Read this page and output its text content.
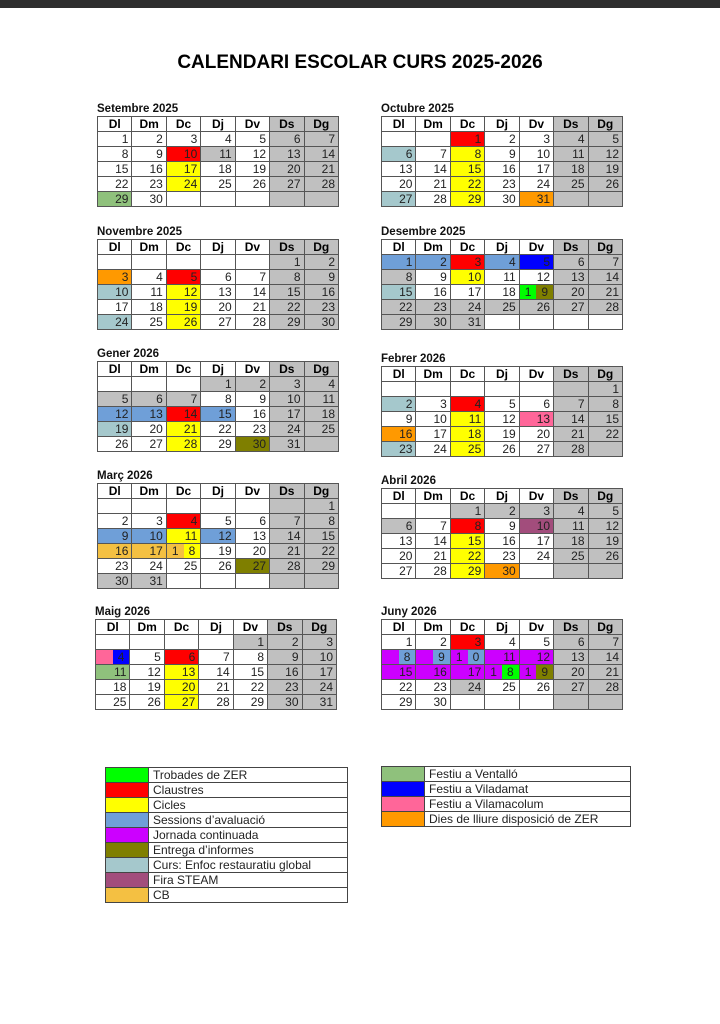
CALENDARI ESCOLAR CURS 2025-2026
Setembre 2025
Dl	Dm	Dc	Dj	Dv	Ds	Dg
1	2	3	4	5	6	7
8	9	10	11	12	13	14
15	16	17	18	19	20	21
22	23	24	25	26	27	28
29	30					
Octubre 2025
Dl	Dm	Dc	Dj	Dv	Ds	Dg
		1	2	3	4	5
6	7	8	9	10	11	12
13	14	15	16	17	18	19
20	21	22	23	24	25	26
27	28	29	30	31		
Novembre 2025
Dl	Dm	Dc	Dj	Dv	Ds	Dg
					1	2
3	4	5	6	7	8	9
10	11	12	13	14	15	16
17	18	19	20	21	22	23
24	25	26	27	28	29	30
Desembre 2025
Dl	Dm	Dc	Dj	Dv	Ds	Dg
1	2	3	4	5	6	7
8	9	10	11	12	13	14
15	16	17	18	1 9	20	21
22	23	24	25	26	27	28
29	30	31				
Gener 2026
Dl	Dm	Dc	Dj	Dv	Ds	Dg
			1	2	3	4
5	6	7	8	9	10	11
12	13	14	15	16	17	18
19	20	21	22	23	24	25
26	27	28	29	30	31	
Febrer 2026
Dl	Dm	Dc	Dj	Dv	Ds	Dg
						1
2	3	4	5	6	7	8
9	10	11	12	13	14	15
16	17	18	19	20	21	22
23	24	25	26	27	28	
Març 2026
Dl	Dm	Dc	Dj	Dv	Ds	Dg
						1
2	3	4	5	6	7	8
9	10	11	12	13	14	15
16	17	1 8	19	20	21	22
23	24	25	26	27	28	29
30	31					
Abril 2026
Dl	Dm	Dc	Dj	Dv	Ds	Dg
		1	2	3	4	5
6	7	8	9	10	11	12
13	14	15	16	17	18	19
20	21	22	23	24	25	26
27	28	29	30			
Maig 2026
Dl	Dm	Dc	Dj	Dv	Ds	Dg
				1	2	3

4	5	6	7	8	9	10
11	12	13	14	15	16	17
18	19	20	21	22	23	24
25	26	27	28	29	30	31
Juny 2026
Dl	Dm	Dc	Dj	Dv	Ds	Dg
1	2	3	4	5	6	7

8	9	1 0	11	12	13	14
15	16	17	1 8	1 9	20	21
22	23	24	25	26	27	28
29	30					
	Trobades de ZER
	Claustres
	Cicles
	Sessions d’avaluació
	Jornada continuada
	Entrega d’informes
	Curs: Enfoc restauratiu global
	Fira STEAM
	CB
	Festiu a Ventalló
	Festiu a Viladamat
	Festiu a Vilamacolum
	Dies de lliure disposició de ZER
